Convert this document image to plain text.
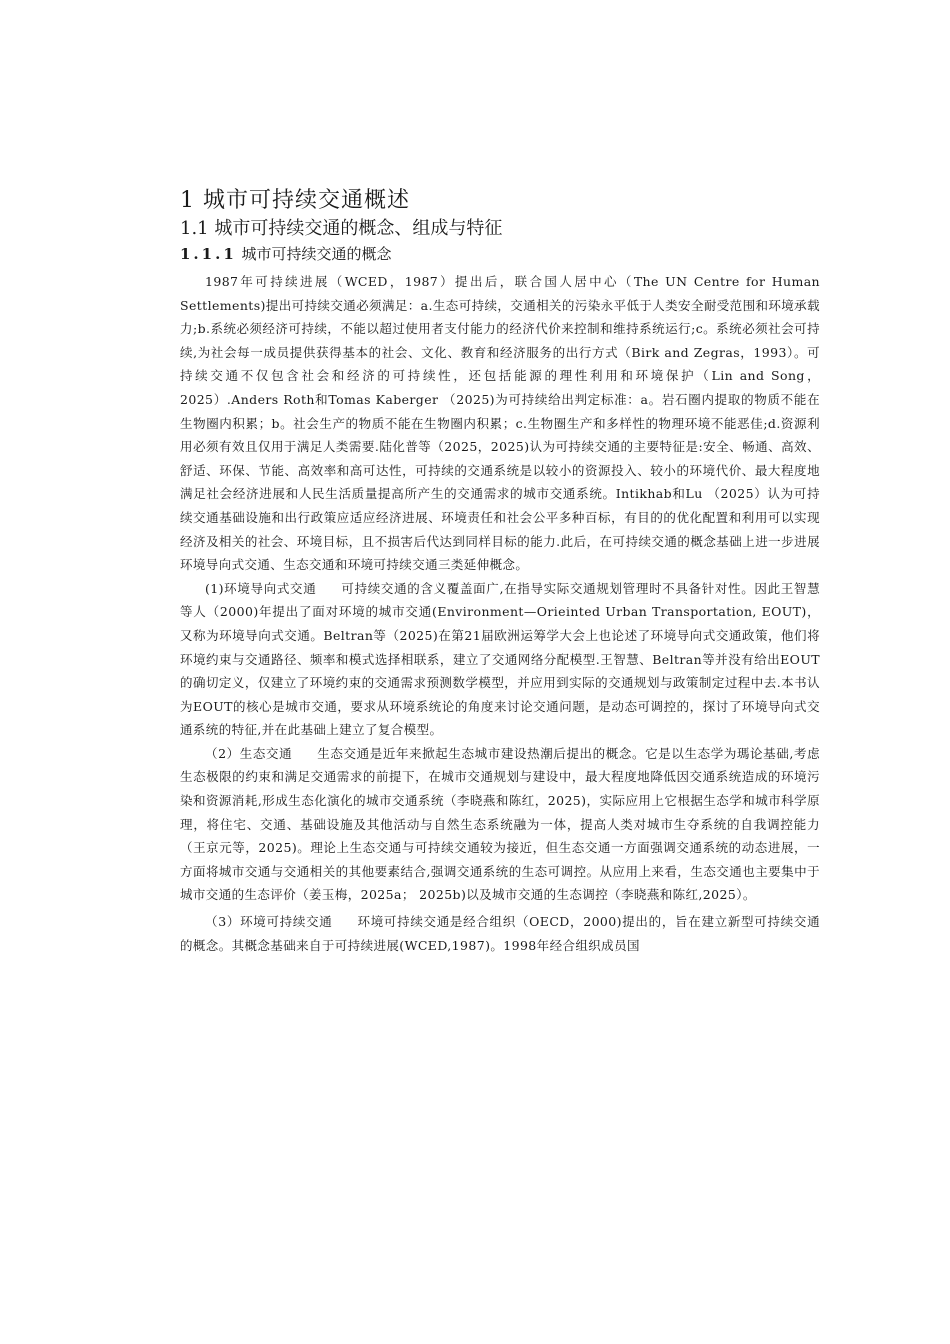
1 城市可持续交通概述
1.1 城市可持续交通的概念、组成与特征
1.1.1 城市可持续交通的概念

1987年可持续进展（WCED，1987）提出后，联合国人居中心（The UN Centre for Human Settlements)提出可持续交通必须满足：a.生态可持续，交通相关的污染永平低于人类安全耐受范围和环境承载力;b.系统必须经济可持续，不能以超过使用者支付能力的经济代价来控制和维持系统运行;c。系统必须社会可持续,为社会每一成员提供获得基本的社会、文化、教育和经济服务的出行方式（Birk and Zegras，1993）。可持续交通不仅包含社会和经济的可持续性，还包括能源的理性利用和环境保护（Lin and Song， 2025）.Anders Roth和Tomas Kaberger （2025)为可持续给出判定标准：a。岩石圈内提取的物质不能在生物圈内积累；b。社会生产的物质不能在生物圈内积累；c.生物圈生产和多样性的物理环境不能恶佳;d.资源利用必须有效且仅用于满足人类需要.陆化普等（2025，2025)认为可持续交通的主要特征是:安全、畅通、高效、舒适、环保、节能、高效率和高可达性，可持续的交通系统是以较小的资源投入、较小的环境代价、最大程度地满足社会经济进展和人民生活质量提高所产生的交通需求的城市交通系统。Intikhab和Lu （2025）认为可持续交通基础设施和出行政策应适应经济进展、环境责任和社会公平多种百标，有目的的优化配置和利用可以实现经济及相关的社会、环境目标，且不损害后代达到同样目标的能力.此后，在可持续交通的概念基础上进一步进展环境导向式交通、生态交通和环境可持续交通三类延伸概念。

(1)环境导向式交通 可持续交通的含义覆盖面广,在指导实际交通规划管理时不具备针对性。因此王智慧等人（2000)年提出了面对环境的城市交通(Environment—Orieinted Urban Transportation, EOUT)，又称为环境导向式交通。Beltran等（2025)在第21届欧洲运筹学大会上也论述了环境导向式交通政策，他们将环境约束与交通路径、频率和模式选择相联系，建立了交通网络分配模型.王智慧、Beltran等并没有给出EOUT的确切定义，仅建立了环境约束的交通需求预测数学模型，并应用到实际的交通规划与政策制定过程中去.本书认为EOUT的核心是城市交通，要求从环境系统论的角度来讨论交通问题，是动态可调控的，探讨了环境导向式交通系统的特征,并在此基础上建立了复合模型。

（2）生态交通 生态交通是近年来掀起生态城市建设热潮后提出的概念。它是以生态学为瑪论基础,考虑生态极限的约束和满足交通需求的前提下，在城市交通规划与建设中，最大程度地降低因交通系统造成的环境污染和资源消耗,形成生态化演化的城市交通系统（李晓燕和陈红，2025)，实际应用上它根据生态学和城市科学原理，将住宅、交通、基础设施及其他活动与自然生态系统融为一体，提高人类对城市生夺系统的自我调控能力（王京元等，2025)。理论上生态交通与可持续交通较为接近，但生态交通一方面强调交通系统的动态进展，一方面将城市交通与交通相关的其他要素结合,强调交通系统的生态可调控。从应用上来看，生态交通也主要集中于城市交通的生态评价（姜玉梅，2025a； 2025b)以及城市交通的生态调控（李晓燕和陈红,2025）。

（3）环境可持续交通 环境可持续交通是经合组织（OECD，2000)提出的，旨在建立新型可持续交通的概念。其概念基础来自于可持续进展(WCED,1987)。1998年经合组织成员国
